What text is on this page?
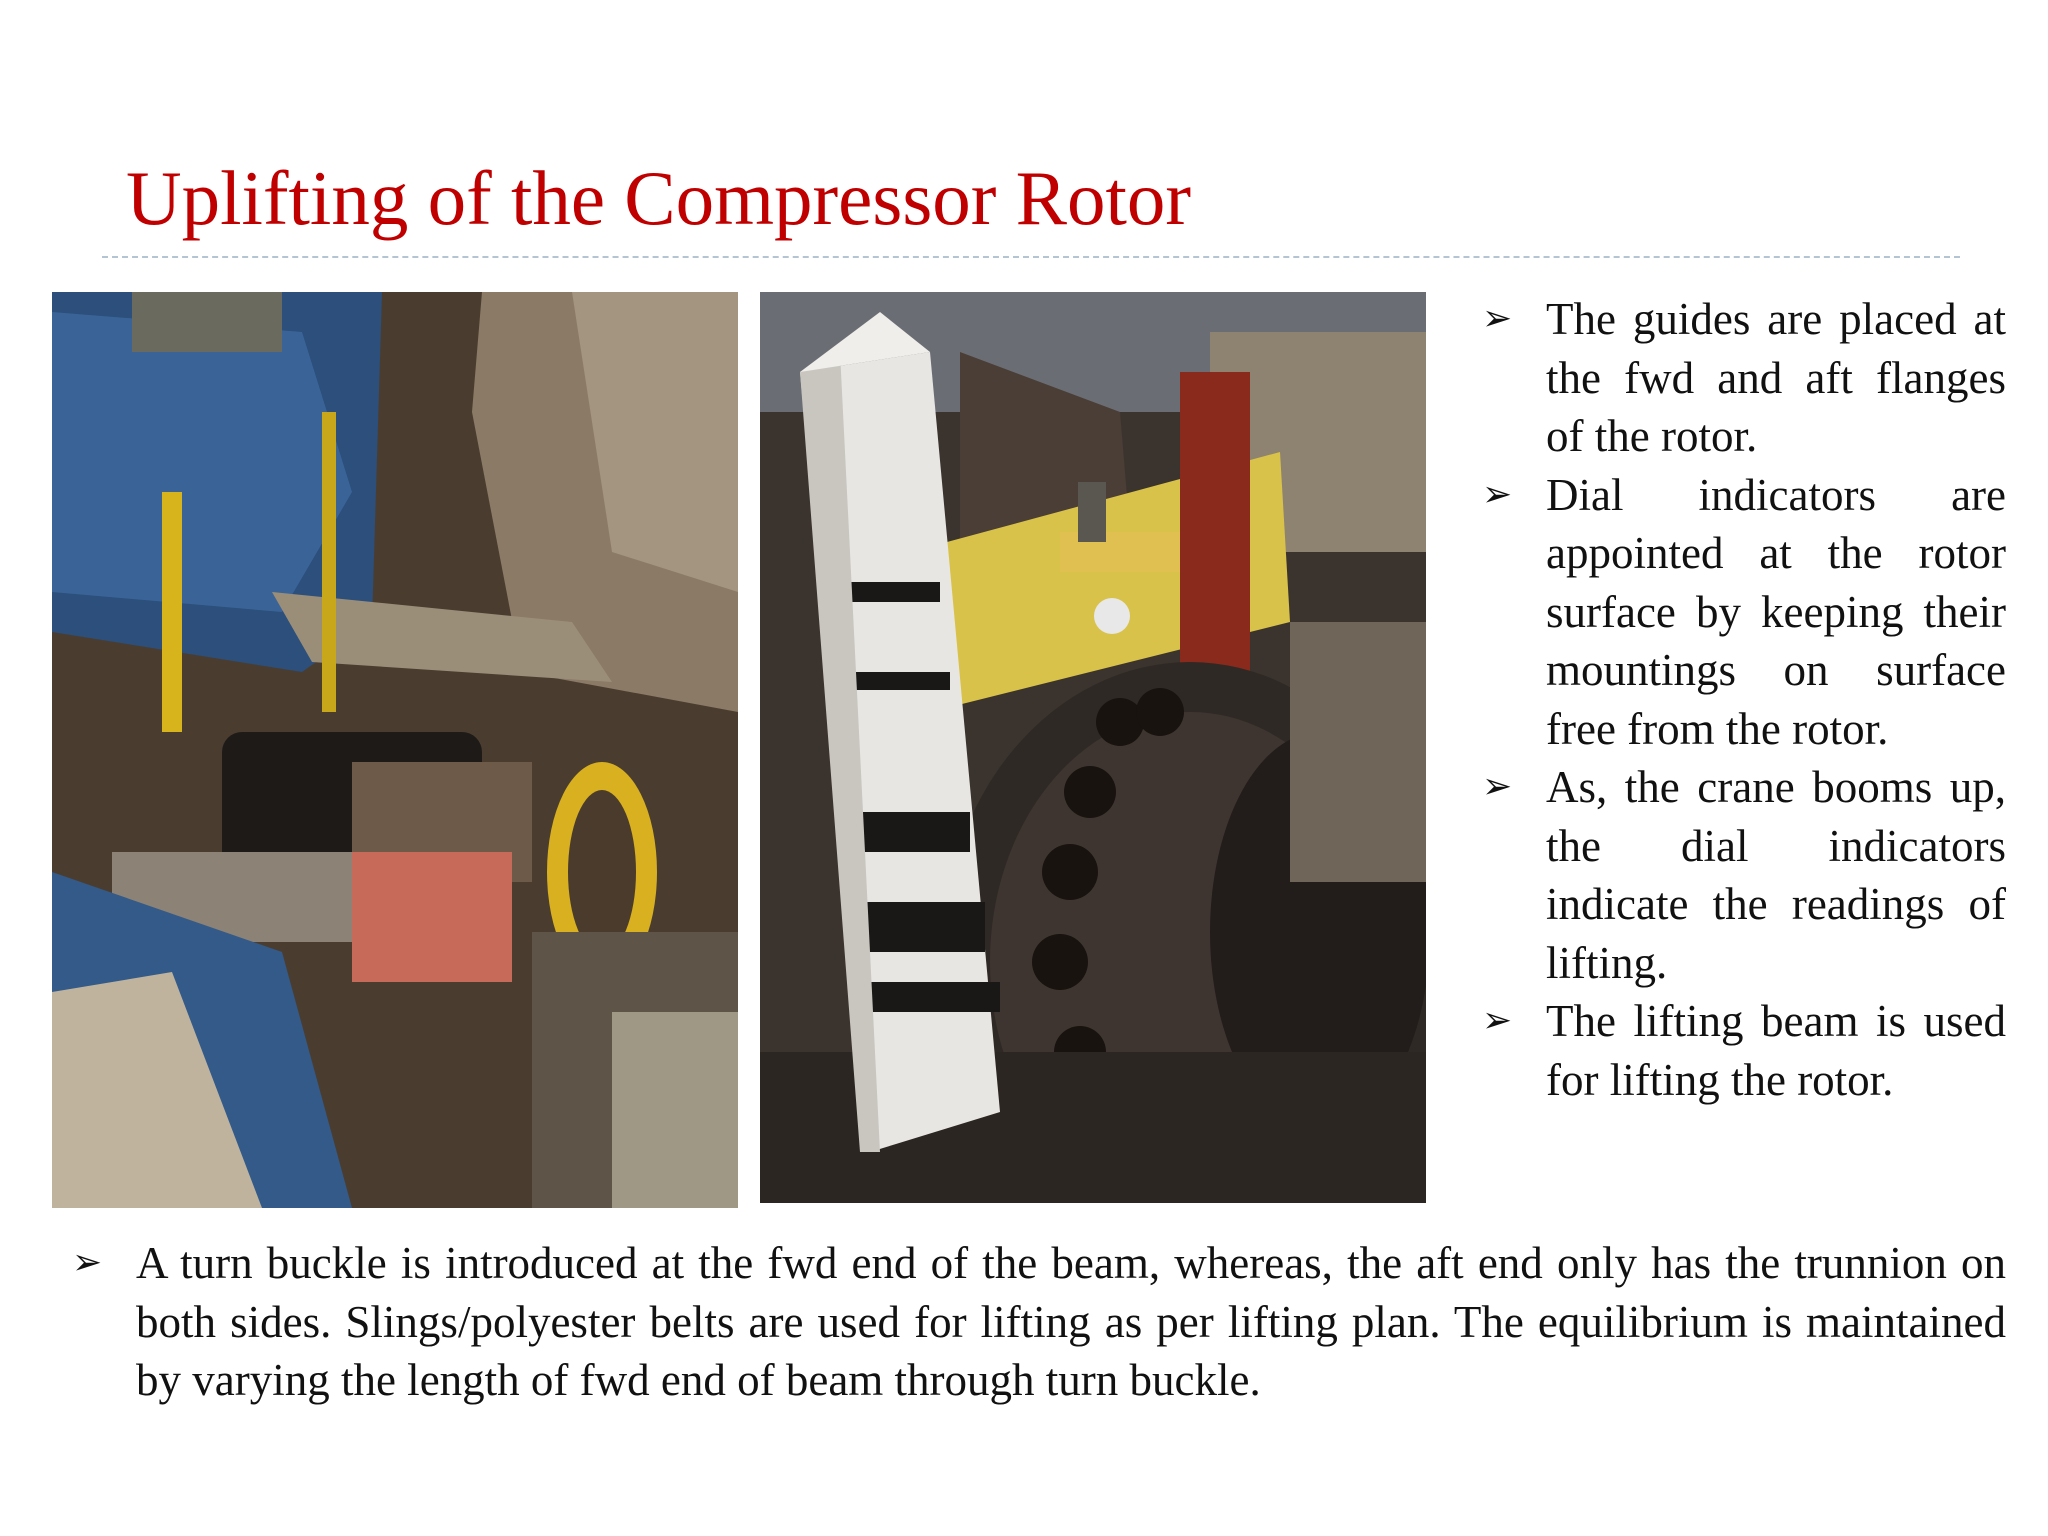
Uplifting of the Compressor Rotor
➢ The guides are placed at the fwd and aft flanges of the rotor.
➢ Dial indicators are appointed at the rotor surface by keeping their mountings on surface free from the rotor.
➢ As, the crane booms up, the dial indicators indicate the readings of lifting.
➢ The lifting beam is used for lifting the rotor.
➢ A turn buckle is introduced at the fwd end of the beam, whereas, the aft end only has the trunnion on both sides. Slings/polyester belts are used for lifting as per lifting plan. The equilibrium is maintained by varying the length of fwd end of beam through turn buckle.
